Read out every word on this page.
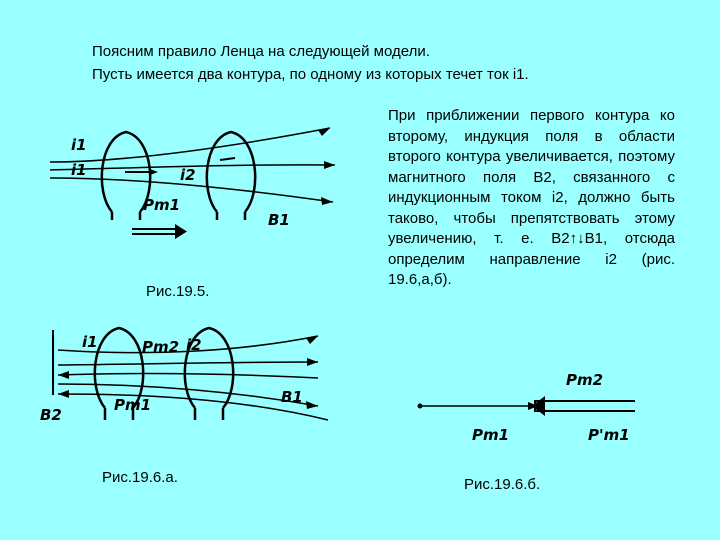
Поясним правило Ленца на следующей модели.
Пусть имеется два контура, по одному из которых течет ток i1.
При приближении первого контура ко второму, индукция поля в области второго контура увеличивается, поэтому магнитного поля B2, связанного с индукционным током i2, должно быть таково, чтобы препятствовать этому увеличению, т. е. B2↑↓B1, отсюда определим направление i2 (рис. 19.6,а,б).
i1
i1	i2
Pm1
B1
Рис.19.5.
i1	Pm2 i2
B2
Pm1	B1
Рис.19.6.а.
Pm2
Pm1	P'm1
Рис.19.6.б.
